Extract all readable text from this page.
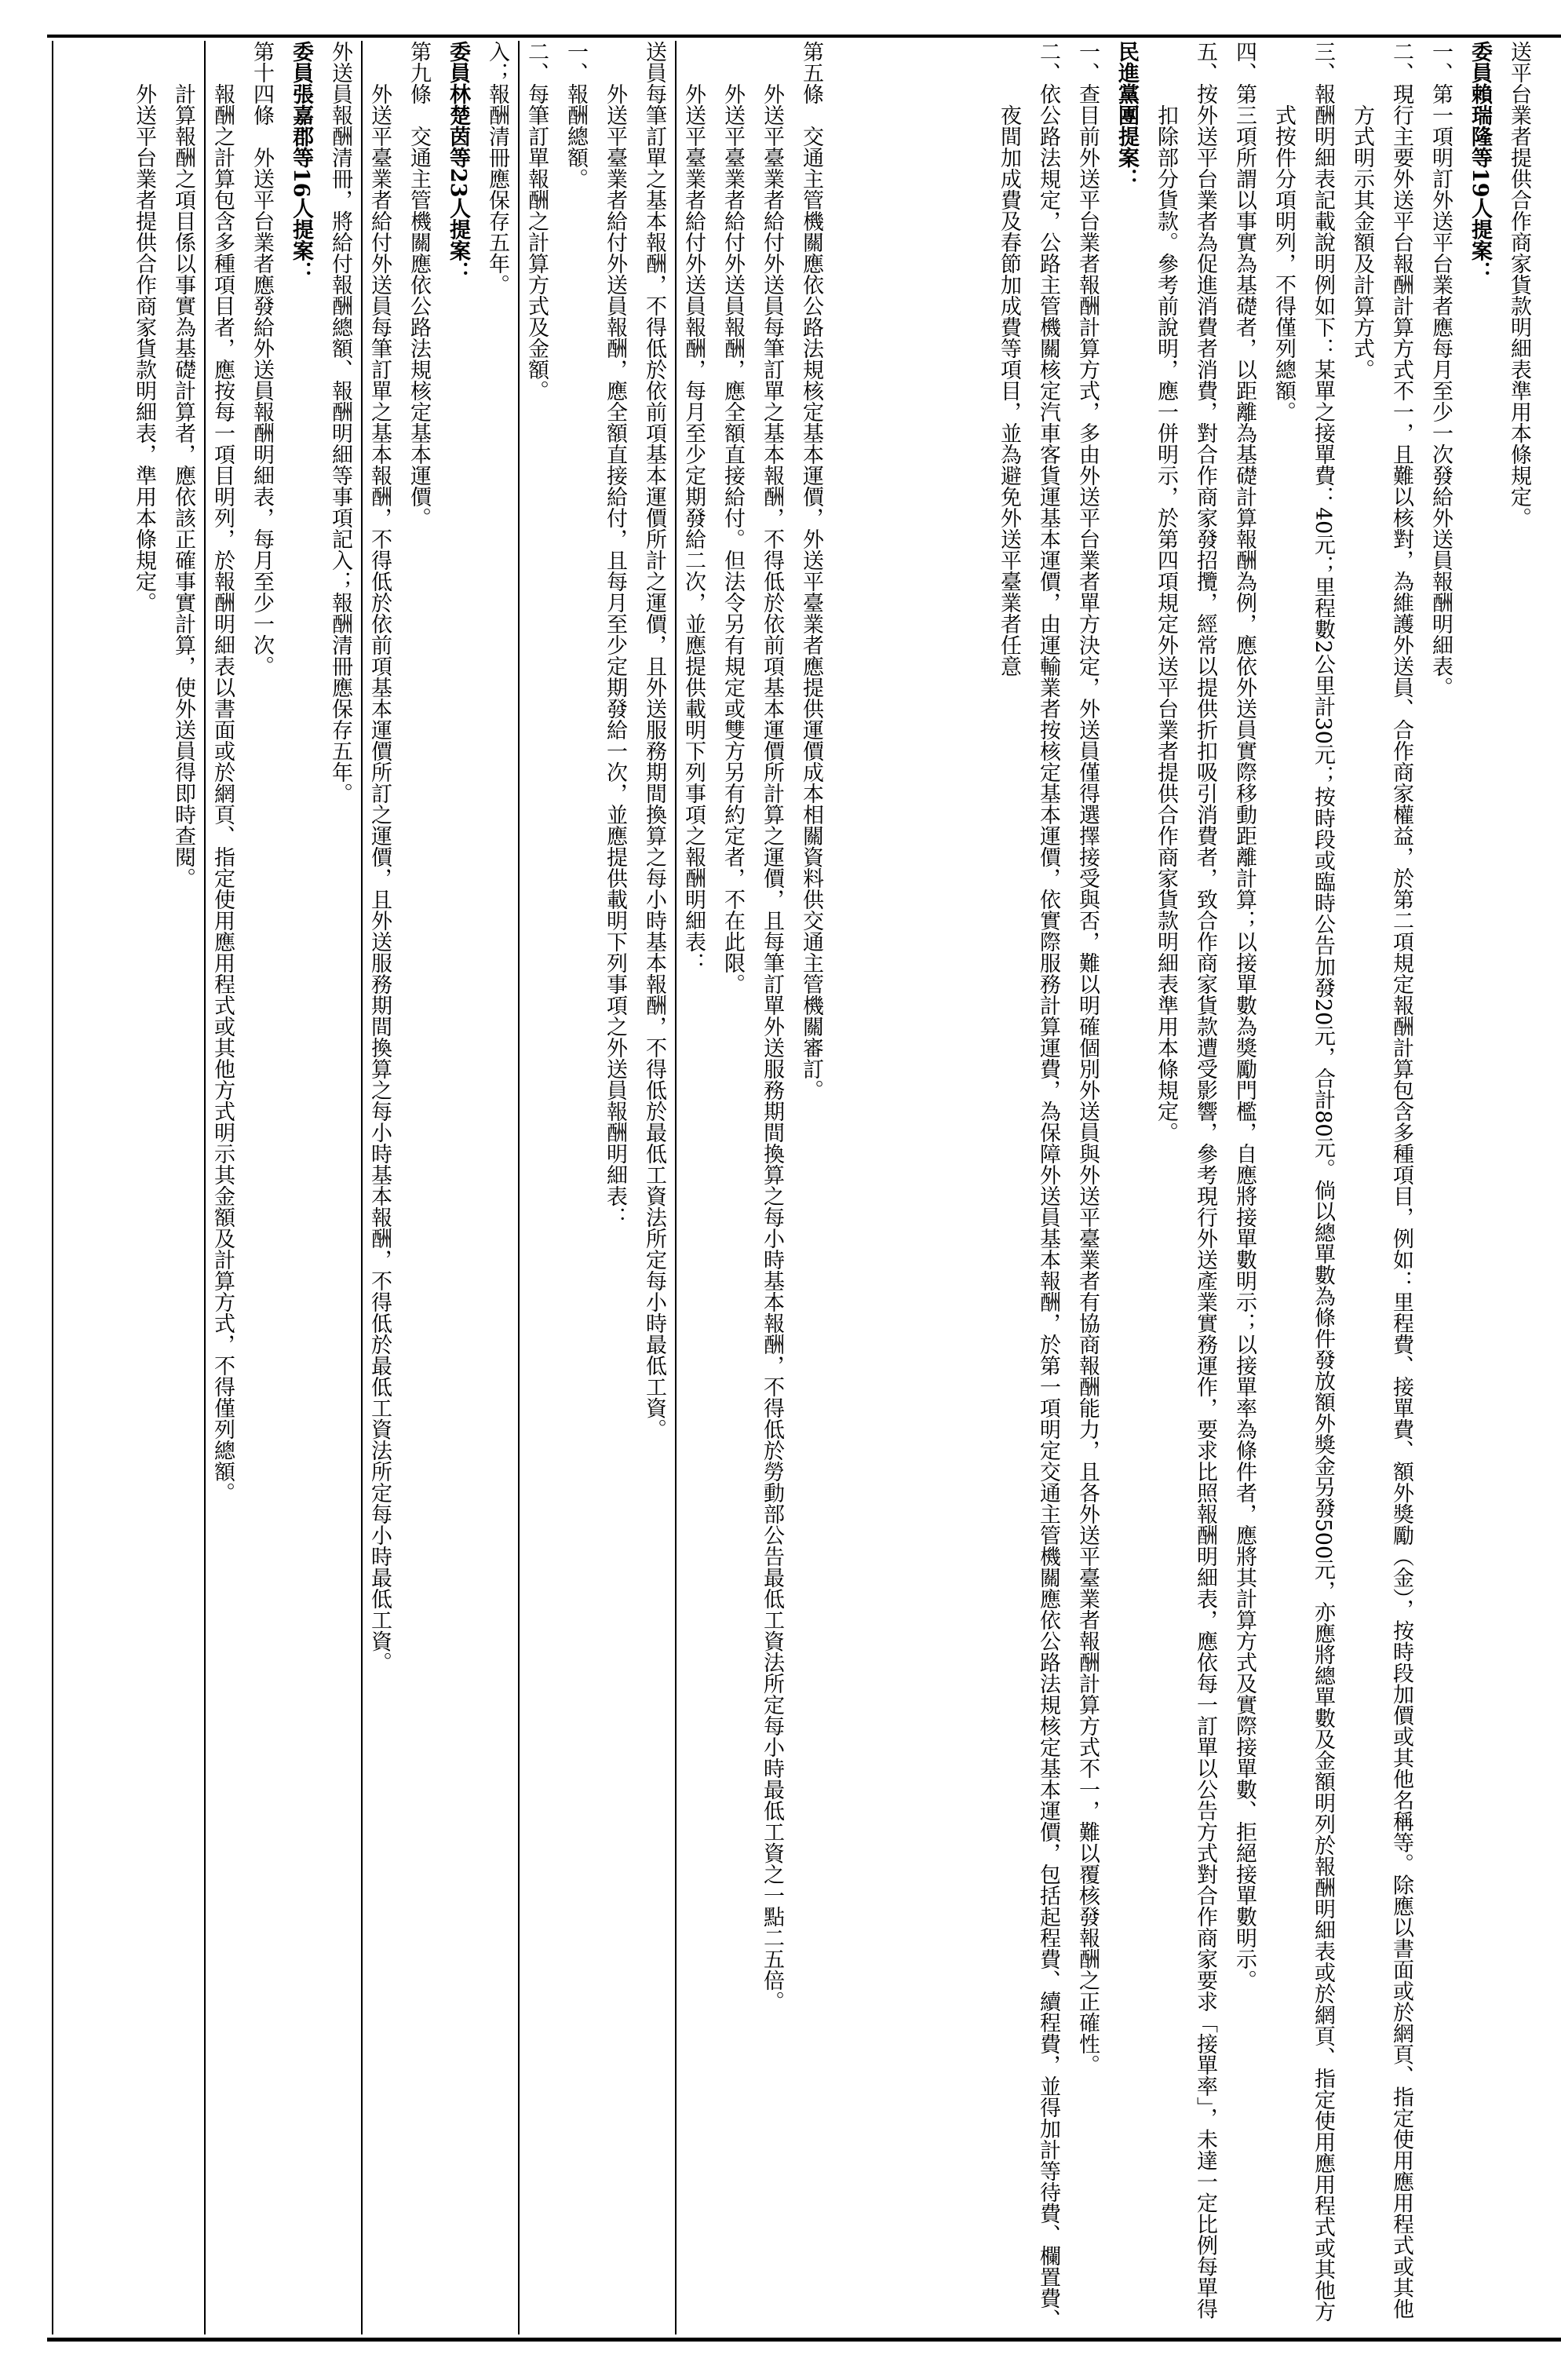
送平台業者提供合作商家貨款明細表準用本條規定。

委員賴瑞隆等19人提案：

一、第一項明訂外送平台業者應每月至少一次發給外送員報酬明細表。

二、現行主要外送平台報酬計算方式不一，且難以核對，為維護外送員、合作商家權益，於第二項規定報酬計算包含多種項目，例如：里程費、接單費、額外獎勵（金），按時段加價或其他名稱等。除應以書面或於網頁、指定使用應用程式或其他方式明示其金額及計算方式。

三、報酬明細表記載說明例如下：某單之接單費：40元；里程數2公里計30元；按時段或臨時公告加發20元，合計80元。倘以總單數為條件發放額外獎金另發500元，亦應將總單數及金額明列於報酬明細表或於網頁、指定使用應用程式或其他方式按件分項明列，不得僅列總額。

四、第三項所謂以事實為基礎者，以距離為基礎計算報酬為例，應依外送員實際移動距離計算；以接單數為獎勵門檻，自應將接單數明示；以接單率為條件者，應將其計算方式及實際接單數、拒絕接單數明示。

五、按外送平台業者為促進消費者消費，對合作商家發招攬，經常以提供折扣吸引消費者，致合作商家貨款遭受影響，參考現行外送產業實務運作，要求比照報酬明細表，應依每一訂單以公告方式對合作商家要求「接單率」，未達一定比例每單得扣除部分貨款。參考前說明，應一併明示，於第四項規定外送平台業者提供合作商家貨款明細表準用本條規定。

民進黨團提案：

一、查目前外送平台業者報酬計算方式，多由外送平台業者單方決定，外送員僅得選擇接受與否，難以明確個別外送員與外送平臺業者有協商報酬能力，且各外送平臺業者報酬計算方式不一，難以覆核發報酬之正確性。

二、依公路法規定，公路主管機關核定汽車客貨運基本運價，由運輸業者按核定基本運價，依實際服務計算運費，為保障外送員基本報酬，於第一項明定交通主管機關應依公路法規核定基本運價，包括起程費、續程費，並得加計等待費、欄置費、夜間加成費及春節加成費等項目，並為避免外送平臺業者任意

第五條　交通主管機關應依公路法規核定基本運價，外送平臺業者應提供運價成本相關資料供交通主管機關審訂。

外送平臺業者給付外送員每筆訂單之基本報酬，不得低於依前項基本運價所計算之運價，且每筆訂單外送服務期間換算之每小時基本報酬，不得低於勞動部公告最低工資法所定每小時最低工資之一點二五倍。

外送平臺業者給付外送員報酬，應全額直接給付。但法令另有規定或雙方另有約定者，不在此限。

外送平臺業者給付外送員報酬，每月至少定期發給二次，並應提供載明下列事項之報酬明細表：

送員每筆訂單之基本報酬，不得低於依前項基本運價所計之運價，且外送服務期間換算之每小時基本報酬，不得低於最低工資法所定每小時最低工資。

外送平臺業者給付外送員報酬，應全額直接給付，且每月至少定期發給一次，並應提供載明下列事項之外送員報酬明細表：

一、報酬總額。

二、每筆訂單報酬之計算方式及金額。

入；報酬清冊應保存五年。

委員林楚茵等23人提案：

第九條　交通主管機關應依公路法規核定基本運價。

外送平臺業者給付外送員每筆訂單之基本報酬，不得低於依前項基本運價所訂之運價，且外送服務期間換算之每小時基本報酬，不得低於最低工資法所定每小時最低工資。

外送員報酬清冊，將給付報酬總額、報酬明細等事項記入；報酬清冊應保存五年。

委員張嘉郡等16人提案：

第十四條　外送平台業者應發給外送員報酬明細表，每月至少一次。

報酬之計算包含多種項目者，應按每一項目明列，於報酬明細表以書面或於網頁、指定使用應用程式或其他方式明示其金額及計算方式，不得僅列總額。

計算報酬之項目係以事實為基礎計算者，應依該正確事實計算，使外送員得即時查閱。

外送平台業者提供合作商家貨款明細表，準用本條規定。
